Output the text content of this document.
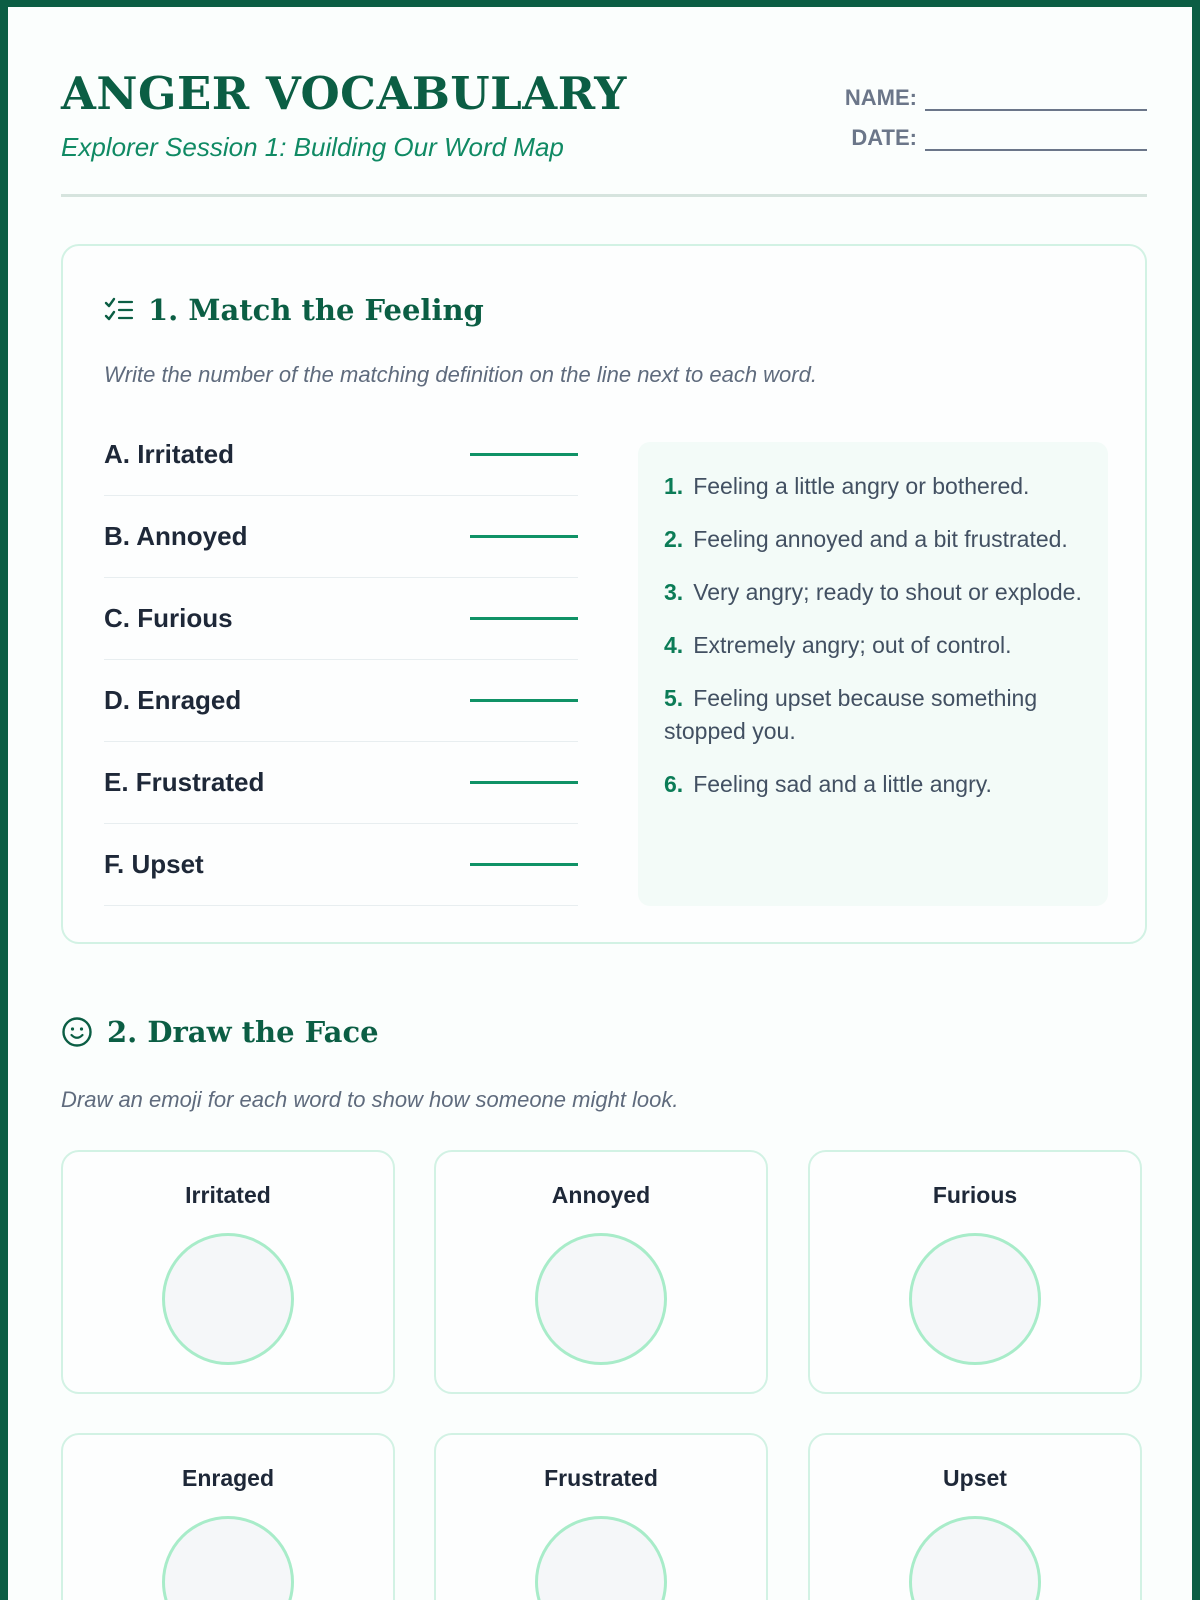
ANGER VOCABULARY
Explorer Session 1: Building Our Word Map
NAME:
DATE:
1. Match the Feeling
Write the number of the matching definition on the line next to each word.
A. Irritated
B. Annoyed
C. Furious
D. Enraged
E. Frustrated
F. Upset
1. Feeling a little angry or bothered.
2. Feeling annoyed and a bit frustrated.
3. Very angry; ready to shout or explode.
4. Extremely angry; out of control.
5. Feeling upset because something stopped you.
6. Feeling sad and a little angry.
2. Draw the Face
Draw an emoji for each word to show how someone might look.
Irritated	Annoyed	Furious
Enraged	Frustrated	Upset
